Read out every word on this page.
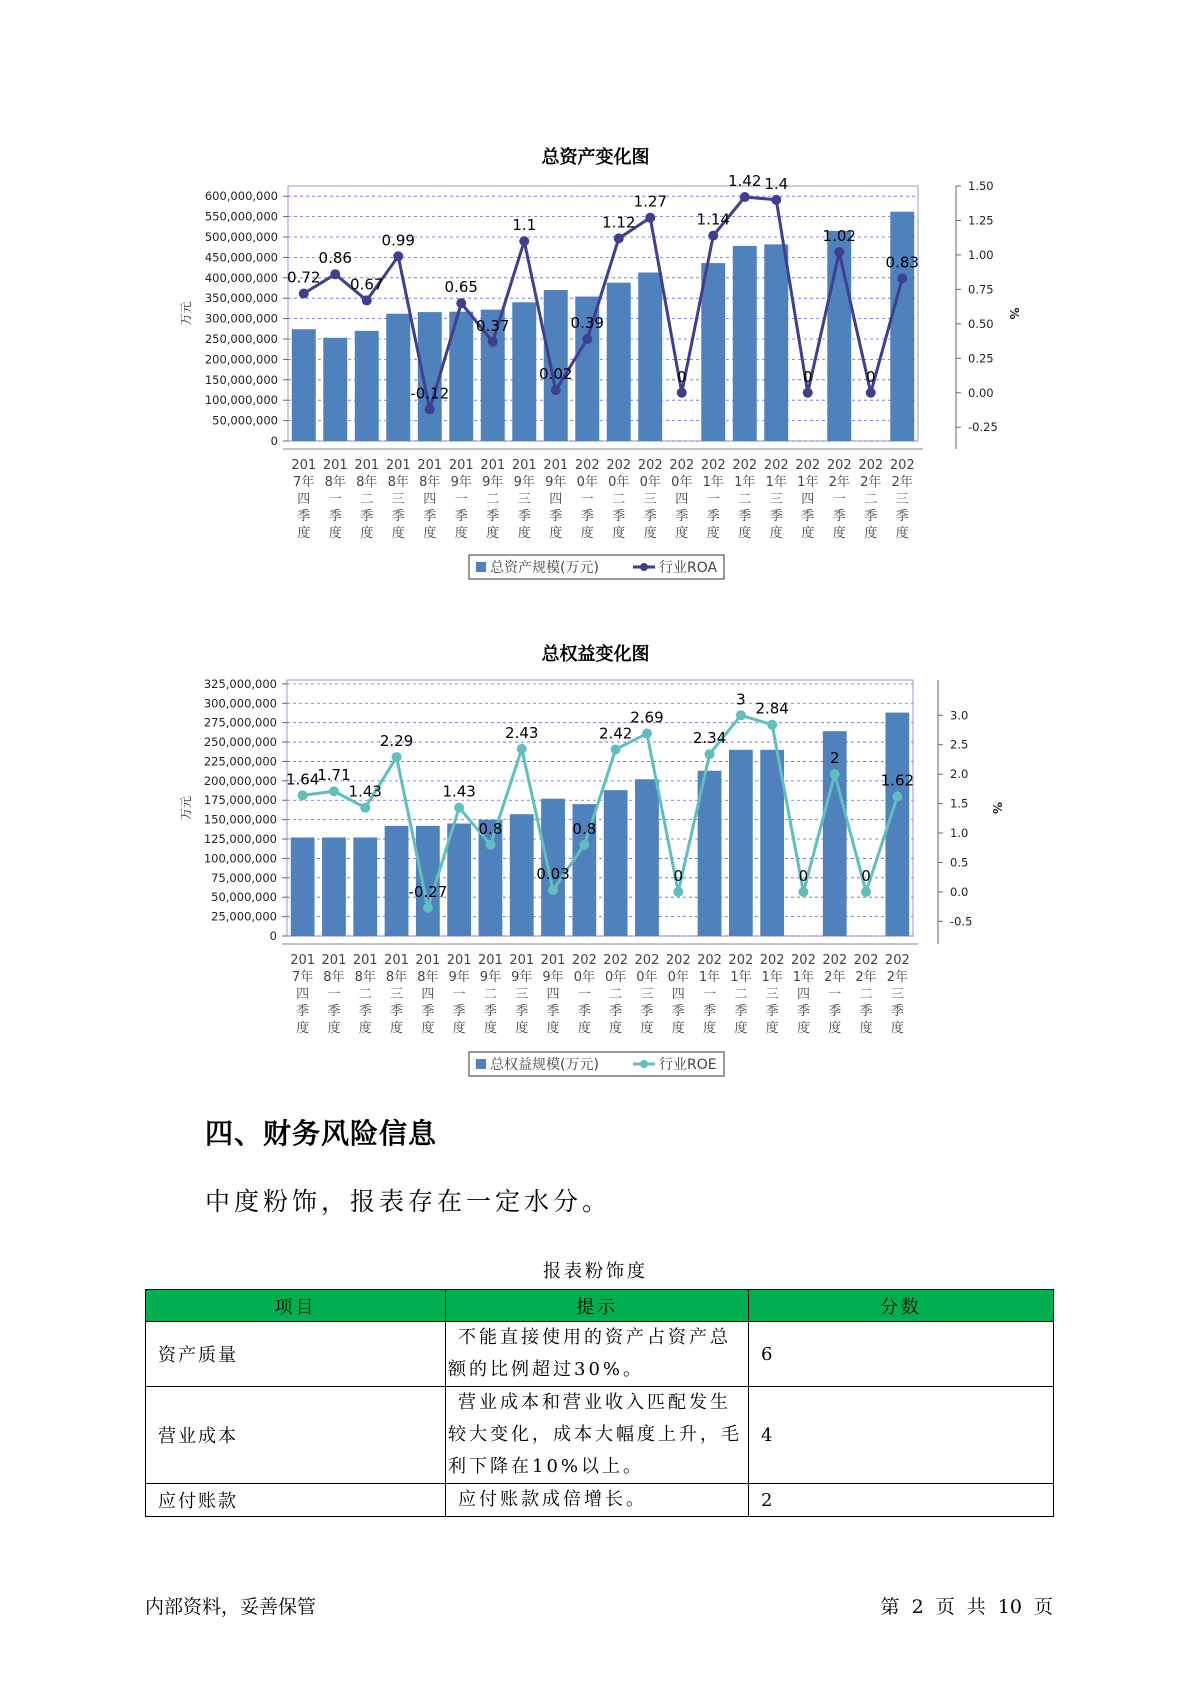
总资产变化图
600,000,000
550,000,000
500,000,000
450,000,000
400,000,000
350,000,000
300,000,000
250,000,000
200,000,000
150,000,000
100,000,000
50,000,000
0
1.50
1.25
1.00
0.75
0.50
0.25
0.00
-0.25
万元	%
201 7年四季度
201 8年一季度
201 8年二季度
201 8年三季度
201 8年四季度
201 9年一季度
201 9年二季度
201 9年三季度
201 9年四季度
202 0年一季度
202 0年二季度
202 0年三季度
202 0年四季度
202 1年一季度
202 1年二季度
202 1年三季度
202 1年四季度
202 2年一季度
202 2年二季度
202 2年三季度
0.72
0.86
0.67
0.99
-0.12
0.65
0.37
1.1
0.02
0.39
1.12
1.27
0
1.14
1.42 1.4
0
1.02
0
0.83
总资产规模(万元)	行业ROA
总权益变化图
325,000,000
300,000,000
275,000,000
250,000,000
225,000,000
200,000,000
175,000,000
150,000,000
125,000,000
100,000,000
75,000,000
50,000,000
25,000,000
0
3.0
2.5
2.0
1.5
1.0
0.5
0.0
-0.5
万元	%
201 7年四季度
201 8年一季度
201 8年二季度
201 8年三季度
201 8年四季度
201 9年一季度
201 9年二季度
201 9年三季度
201 9年四季度
202 0年一季度
202 0年二季度
202 0年三季度
202 0年四季度
202 1年一季度
202 1年二季度
202 1年三季度
202 1年四季度
202 2年一季度
202 2年二季度
202 2年三季度
1.64
1.71
1.43
2.29
-0.27
1.43
0.8
2.43
0.03
0.8
2.42
2.69
0
2.34
3
2.84
0
2
0
1.62
总权益规模(万元)	行业ROE
四、财务风险信息
中度粉饰，报表存在一定水分。
报表粉饰度
项目	提示	分数
资产质量	不能直接使用的资产占资产总额的比例超过30%。	6
营业成本	营业成本和营业收入匹配发生较大变化，成本大幅度上升，毛利下降在10%以上。	4
应付账款	应付账款成倍增长。	2
内部资料，妥善保管	第 2 页 共 10 页
